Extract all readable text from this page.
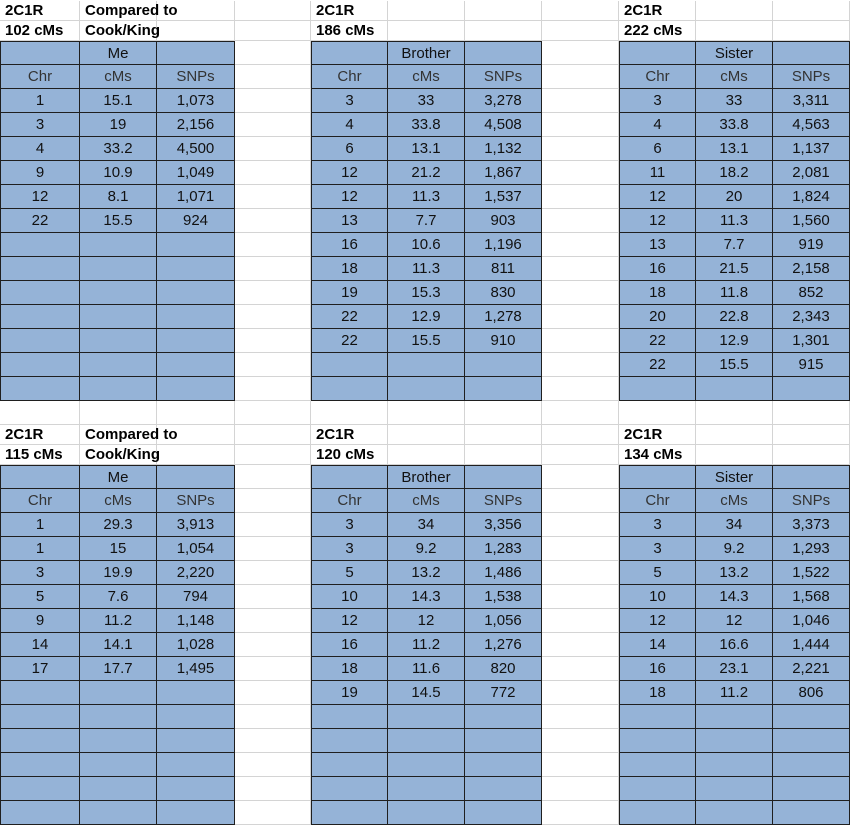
2C1R
102 cMs
Compared to
Cook/King
Me
Chr	cMs	SNPs
1	15.1	1,073
3	19	2,156
4	33.2	4,500
9	10.9	1,049
12	8.1	1,071
22	15.5	924
2C1R
186 cMs
Brother
Chr	cMs	SNPs
3	33	3,278
4	33.8	4,508
6	13.1	1,132
12	21.2	1,867
12	11.3	1,537
13	7.7	903
16	10.6	1,196
18	11.3	811
19	15.3	830
22	12.9	1,278
22	15.5	910
2C1R
222 cMs
Sister
Chr	cMs	SNPs
3	33	3,311
4	33.8	4,563
6	13.1	1,137
11	18.2	2,081
12	20	1,824
12	11.3	1,560
13	7.7	919
16	21.5	2,158
18	11.8	852
20	22.8	2,343
22	12.9	1,301
22	15.5	915
2C1R
115 cMs
Compared to
Cook/King
Me
Chr	cMs	SNPs
1	29.3	3,913
1	15	1,054
3	19.9	2,220
5	7.6	794
9	11.2	1,148
14	14.1	1,028
17	17.7	1,495
2C1R
120 cMs
Brother
Chr	cMs	SNPs
3	34	3,356
3	9.2	1,283
5	13.2	1,486
10	14.3	1,538
12	12	1,056
16	11.2	1,276
18	11.6	820
19	14.5	772
2C1R
134 cMs
Sister
Chr	cMs	SNPs
3	34	3,373
3	9.2	1,293
5	13.2	1,522
10	14.3	1,568
12	12	1,046
14	16.6	1,444
16	23.1	2,221
18	11.2	806
